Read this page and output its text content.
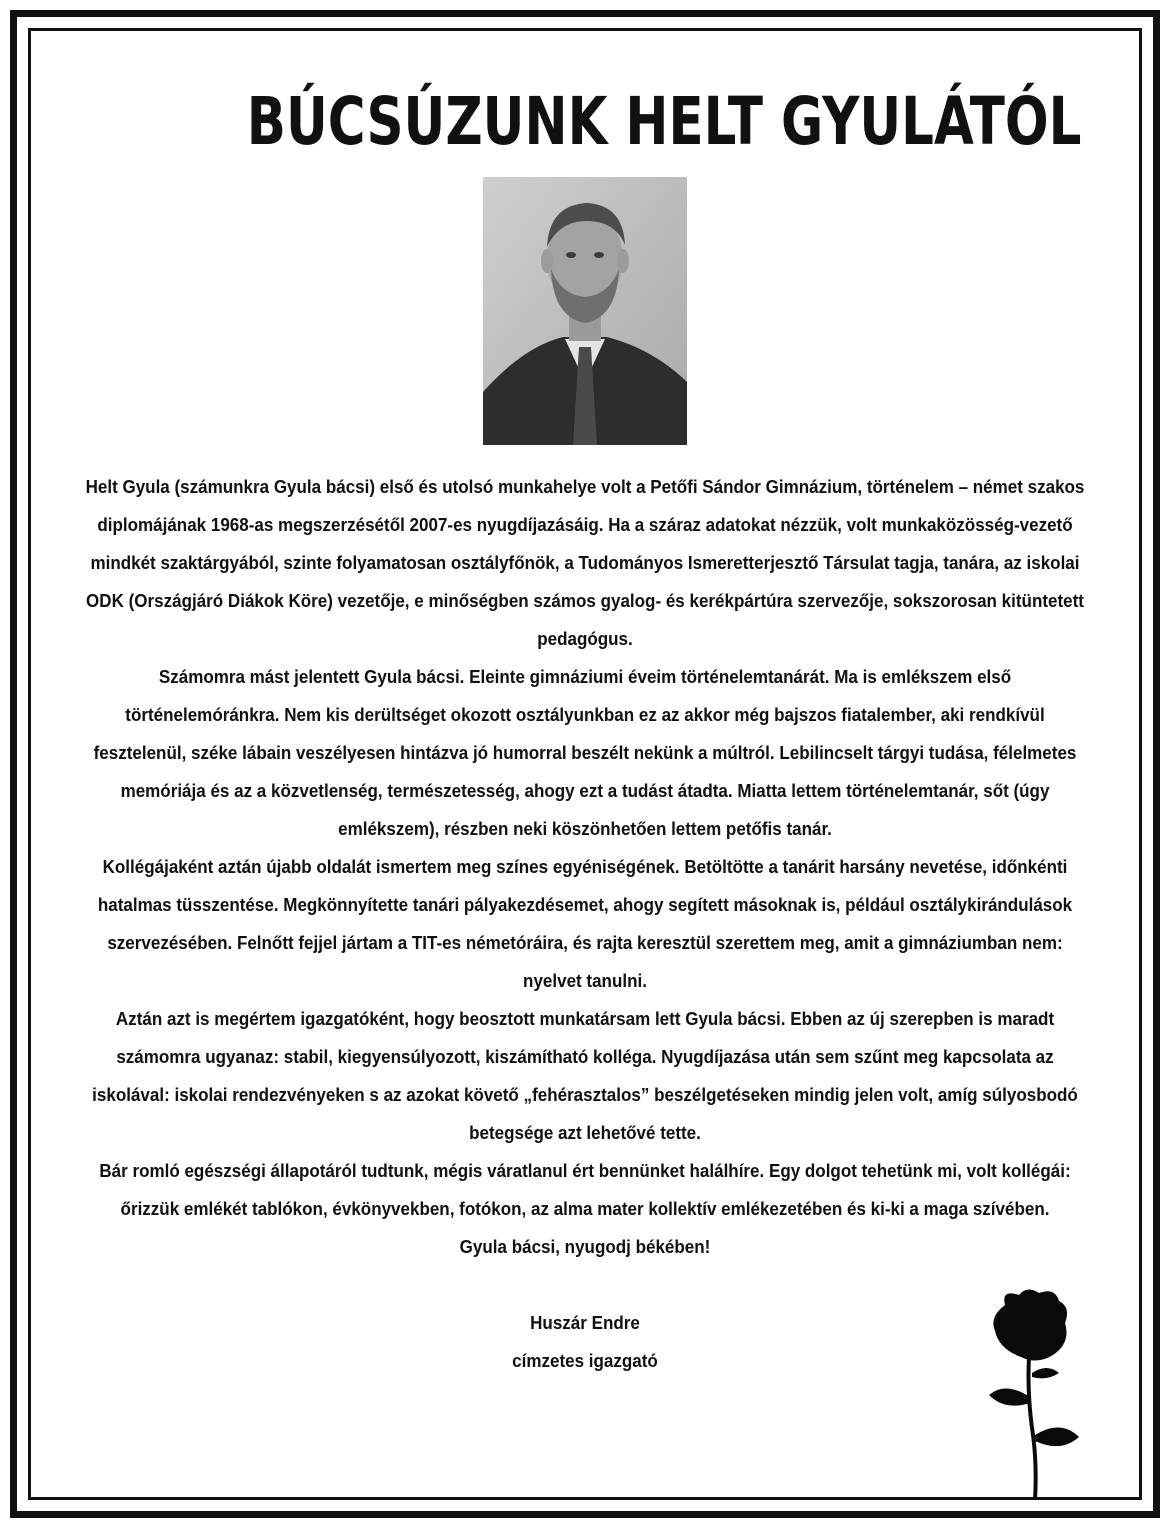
BÚCSÚZUNK HELT GYULÁTÓL

Helt Gyula (számunkra Gyula bácsi) első és utolsó munkahelye volt a Petőfi Sándor Gimnázium, történelem – német szakos diplomájának 1968-as megszerzésétől 2007-es nyugdíjazásáig. Ha a száraz adatokat nézzük, volt munkaközösség-vezető mindkét szaktárgyából, szinte folyamatosan osztályfőnök, a Tudományos Ismeretterjesztő Társulat tagja, tanára, az iskolai ODK (Országjáró Diákok Köre) vezetője, e minőségben számos gyalog- és kerékpártúra szervezője, sokszorosan kitüntetett pedagógus.

Számomra mást jelentett Gyula bácsi. Eleinte gimnáziumi éveim történelemtanárát. Ma is emlékszem első történelemóránkra. Nem kis derültséget okozott osztályunkban ez az akkor még bajszos fiatalember, aki rendkívül fesztelenül, széke lábain veszélyesen hintázva jó humorral beszélt nekünk a múltról. Lebilincselt tárgyi tudása, félelmetes memóriája és az a közvetlenség, természetesség, ahogy ezt a tudást átadta. Miatta lettem történelemtanár, sőt (úgy emlékszem), részben neki köszönhetően lettem petőfis tanár.

Kollégájaként aztán újabb oldalát ismertem meg színes egyéniségének. Betöltötte a tanárit harsány nevetése, időnkénti hatalmas tüsszentése. Megkönnyítette tanári pályakezdésemet, ahogy segített másoknak is, például osztálykirándulások szervezésében. Felnőtt fejjel jártam a TIT-es németóráira, és rajta keresztül szerettem meg, amit a gimnáziumban nem: nyelvet tanulni.

Aztán azt is megértem igazgatóként, hogy beosztott munkatársam lett Gyula bácsi. Ebben az új szerepben is maradt számomra ugyanaz: stabil, kiegyensúlyozott, kiszámítható kolléga. Nyugdíjazása után sem szűnt meg kapcsolata az iskolával: iskolai rendezvényeken s az azokat követő „fehérasztalos” beszélgetéseken mindig jelen volt, amíg súlyosbodó betegsége azt lehetővé tette.

Bár romló egészségi állapotáról tudtunk, mégis váratlanul ért bennünket halálhíre. Egy dolgot tehetünk mi, volt kollégái: őrizzük emlékét tablókon, évkönyvekben, fotókon, az alma mater kollektív emlékezetében és ki-ki a maga szívében.

Gyula bácsi, nyugodj békében!

Huszár Endre

címzetes igazgató
